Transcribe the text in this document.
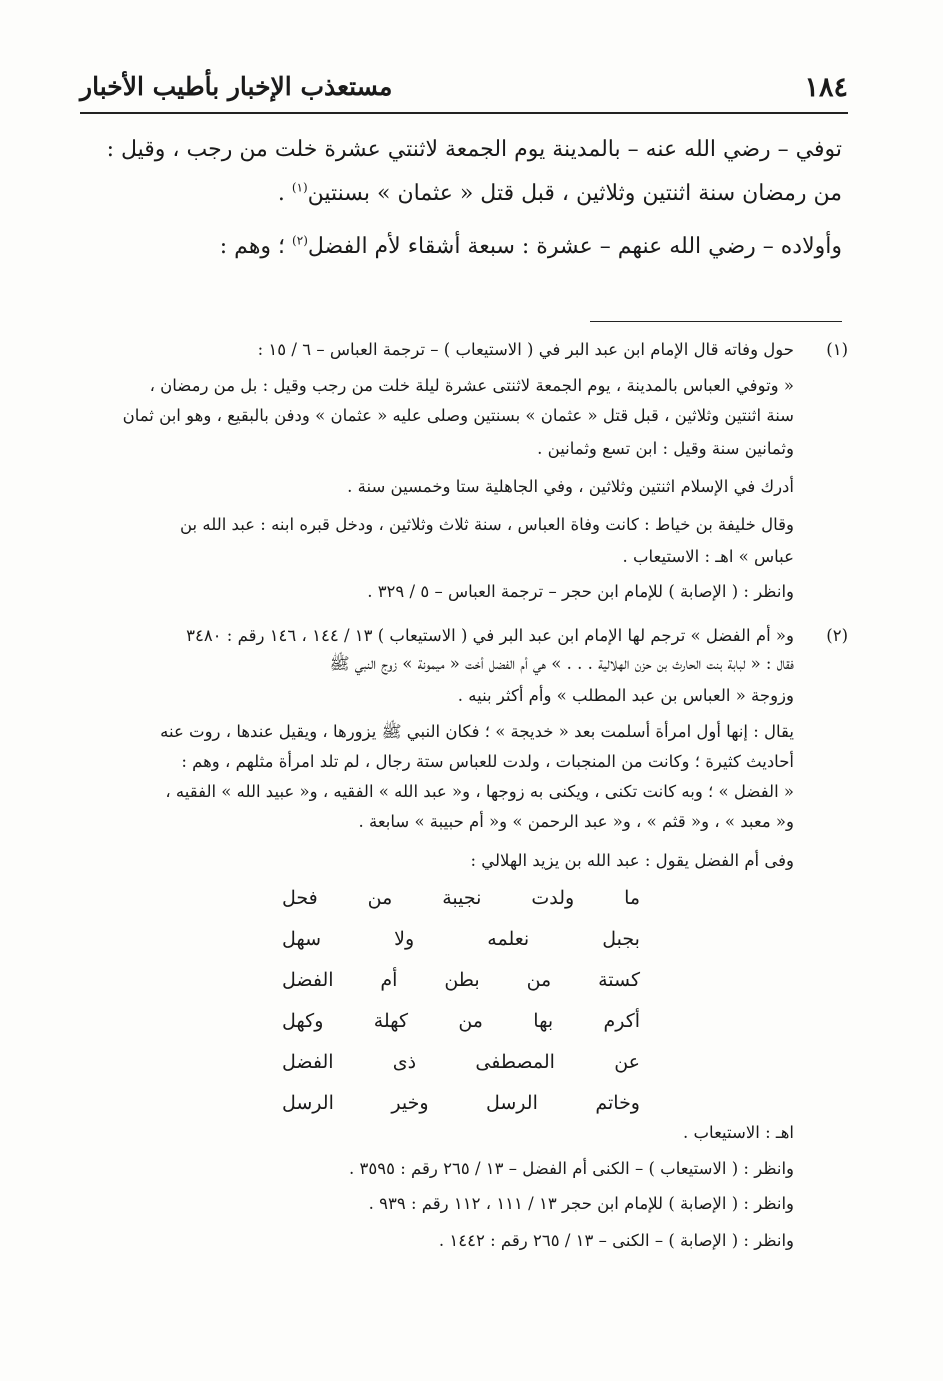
١٨٤
مستعذب الإخبار بأطيب الأخبار
توفي – رضي الله عنه – بالمدينة يوم الجمعة لاثنتي عشرة خلت من رجب ، وقيل :
من رمضان سنة اثنتين وثلاثين ، قبل قتل « عثمان » بسنتين$^{(١)}$ .
وأولاده – رضي الله عنهم – عشرة : سبعة أشقاء لأم الفضل$^{(٢)}$ ؛ وهم :
(١)
حول وفاته قال الإمام ابن عبد البر في ( الاستيعاب ) – ترجمة العباس – ٦ / ١٥ :
« وتوفي العباس بالمدينة ، يوم الجمعة لاثنتى عشرة ليلة خلت من رجب وقيل : بل من رمضان ،
سنة اثنتين وثلاثين ، قبل قتل « عثمان » بسنتين وصلى عليه « عثمان » ودفن بالبقيع ، وهو ابن ثمان
وثمانين سنة وقيل : ابن تسع وثمانين .
أدرك في الإسلام اثنتين وثلاثين ، وفي الجاهلية ستا وخمسين سنة .
وقال خليفة بن خياط : كانت وفاة العباس ، سنة ثلاث وثلاثين ، ودخل قبره ابنه : عبد الله بن
عباس » اهـ : الاستيعاب .
وانظر : ( الإصابة ) للإمام ابن حجر – ترجمة العباس – ٥ / ٣٢٩ .
(٢)
و« أم الفضل » ترجم لها الإمام ابن عبد البر في ( الاستيعاب ) ١٣ / ١٤٤ ، ١٤٦ رقم : ٣٤٨٠
فقال : « لبابة بنت الحارث بن حزن الهلالية . . . » هي أم الفضل أخت « ميمونة » زوج النبي ﷺ
وزوجة « العباس بن عبد المطلب » وأم أكثر بنيه .
يقال : إنها أول امرأة أسلمت بعد « خديجة » ؛ فكان النبي ﷺ يزورها ، ويقيل عندها ، روت عنه
أحاديث كثيرة ؛ وكانت من المنجبات ، ولدت للعباس ستة رجال ، لم تلد امرأة مثلهم ، وهم :
« الفضل » ؛ وبه كانت تكنى ، ويكنى به زوجها ، و« عبد الله » الفقيه ، و« عبيد الله » الفقيه ،
و« معبد » ، و« قثم » ، و« عبد الرحمن » و« أم حبيبة » سابعة .
وفى أم الفضل يقول : عبد الله بن يزيد الهلالي :
اهـ : الاستيعاب .
وانظر : ( الاستيعاب ) – الكنى أم الفضل – ١٣ / ٢٦٥ رقم : ٣٥٩٥ .
وانظر : ( الإصابة ) للإمام ابن حجر ١٣ / ١١١ ، ١١٢ رقم : ٩٣٩ .
وانظر : ( الإصابة ) – الكنى – ١٣ / ٢٦٥ رقم : ١٤٤٢ .
ما ولدت نجيبة من فحل
بجبل نعلمه ولا سهل
كستة من بطن أم الفضل
أكرم بها من كهلة وكهل
عن المصطفى ذى الفضل
وخاتم الرسل وخير الرسل
